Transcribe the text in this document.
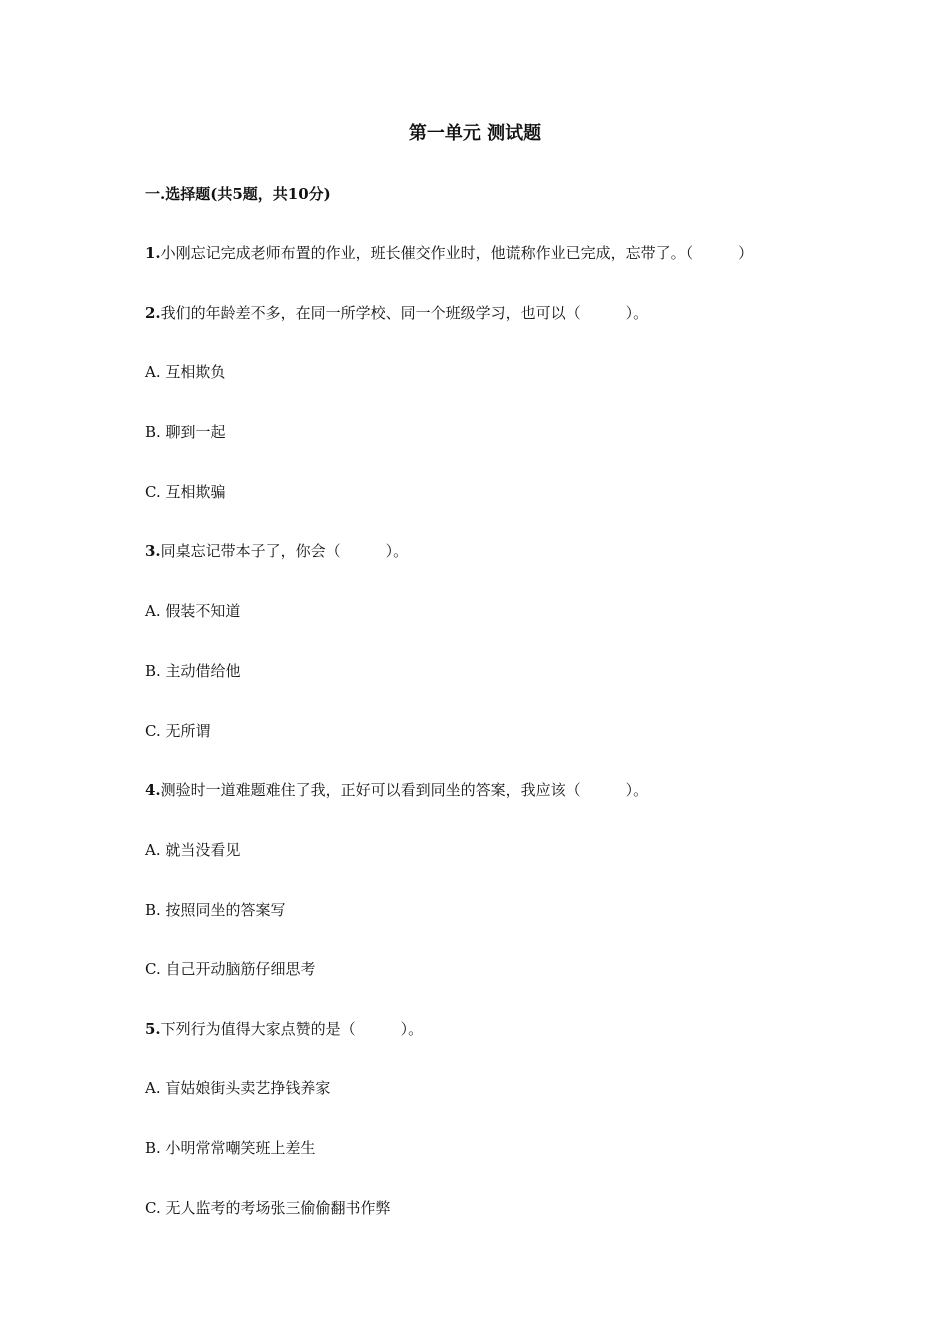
第一单元 测试题
一.选择题(共5题，共10分)
1.小刚忘记完成老师布置的作业，班长催交作业时，他谎称作业已完成，忘带了。（　　　）
2.我们的年龄差不多，在同一所学校、同一个班级学习，也可以（　　　）。
A. 互相欺负
B. 聊到一起
C. 互相欺骗
3.同桌忘记带本子了，你会（　　　）。
A. 假装不知道
B. 主动借给他
C. 无所谓
4.测验时一道难题难住了我，正好可以看到同坐的答案，我应该（　　　）。
A. 就当没看见
B. 按照同坐的答案写
C. 自己开动脑筋仔细思考
5.下列行为值得大家点赞的是（　　　）。
A. 盲姑娘街头卖艺挣钱养家
B. 小明常常嘲笑班上差生
C. 无人监考的考场张三偷偷翻书作弊
